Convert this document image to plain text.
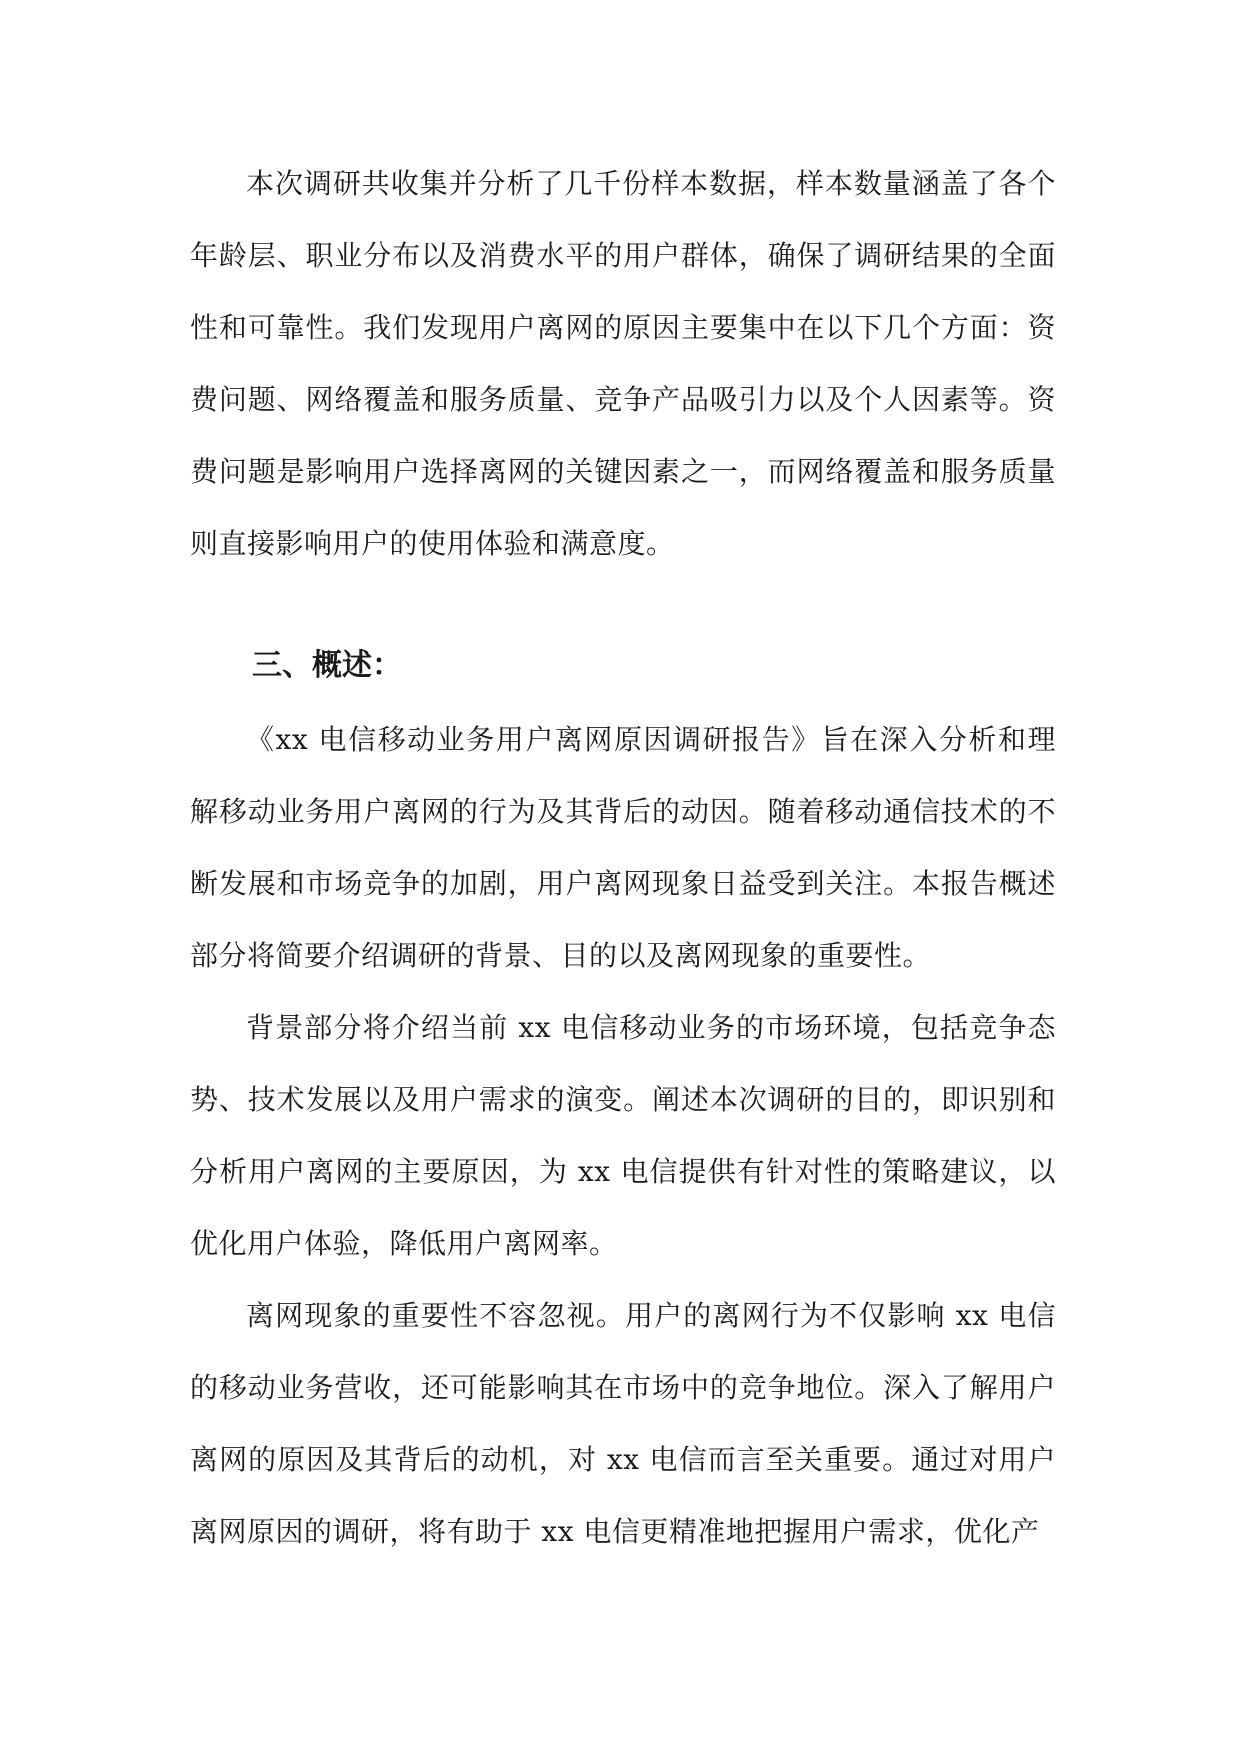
本次调研共收集并分析了几千份样本数据，样本数量涵盖了各个年龄层、职业分布以及消费水平的用户群体，确保了调研结果的全面性和可靠性。我们发现用户离网的原因主要集中在以下几个方面：资费问题、网络覆盖和服务质量、竞争产品吸引力以及个人因素等。资费问题是影响用户选择离网的关键因素之一，而网络覆盖和服务质量则直接影响用户的使用体验和满意度。

三、概述：

《xx 电信移动业务用户离网原因调研报告》旨在深入分析和理解移动业务用户离网的行为及其背后的动因。随着移动通信技术的不断发展和市场竞争的加剧，用户离网现象日益受到关注。本报告概述部分将简要介绍调研的背景、目的以及离网现象的重要性。

背景部分将介绍当前 xx 电信移动业务的市场环境，包括竞争态势、技术发展以及用户需求的演变。阐述本次调研的目的，即识别和分析用户离网的主要原因，为 xx 电信提供有针对性的策略建议，以优化用户体验，降低用户离网率。

离网现象的重要性不容忽视。用户的离网行为不仅影响 xx 电信的移动业务营收，还可能影响其在市场中的竞争地位。深入了解用户离网的原因及其背后的动机，对 xx 电信而言至关重要。通过对用户离网原因的调研，将有助于 xx 电信更精准地把握用户需求，优化产
